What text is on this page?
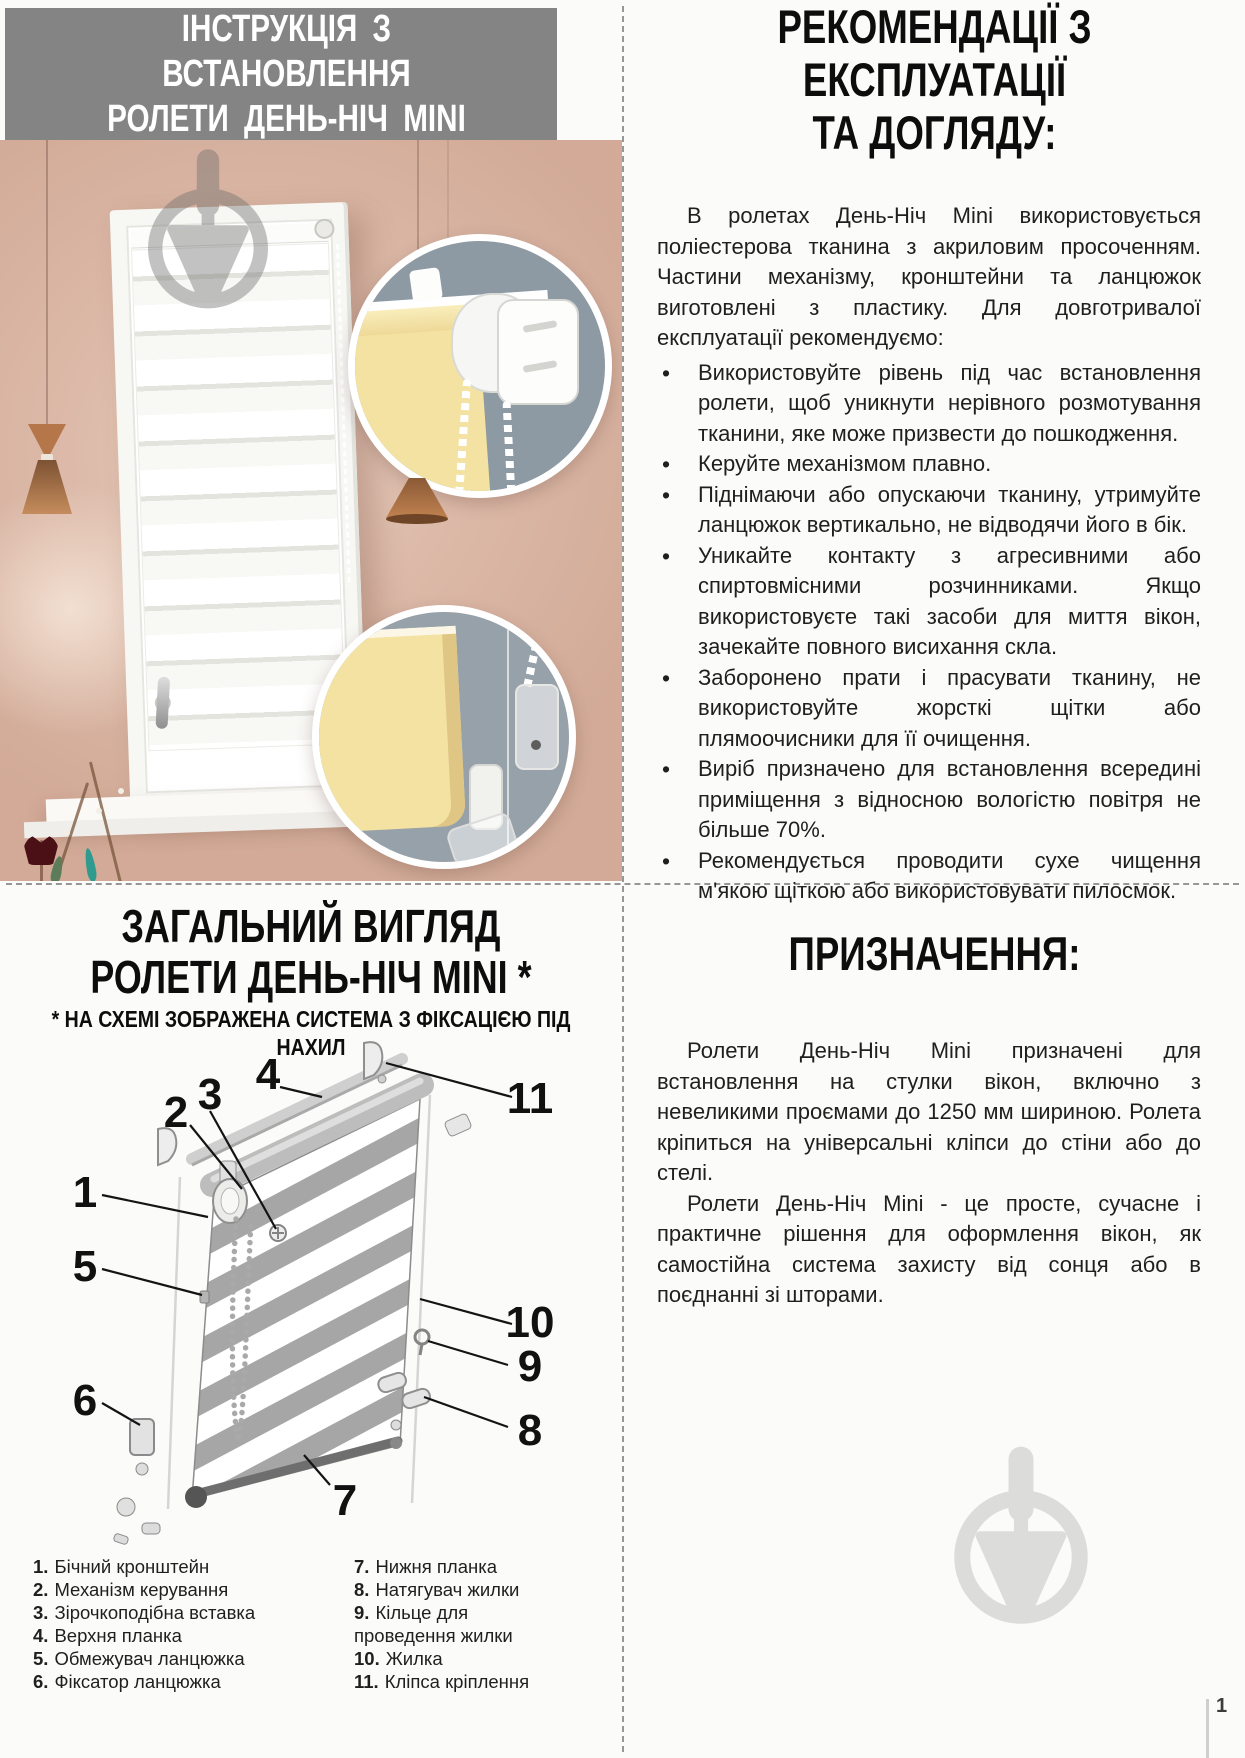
ІНСТРУКЦІЯ З ВСТАНОВЛЕННЯ
РОЛЕТИ ДЕНЬ-НІЧ MINI
РЕКОМЕНДАЦІЇ З ЕКСПЛУАТАЦІЇ
ТА ДОГЛЯДУ:

В ролетах День-Ніч Mini використовується поліестерова тканина з акриловим просоченням. Частини механізму, кронштейни та ланцюжок виготовлені з пластику. Для довготривалої експлуатації рекомендуємо:

•	Використовуйте рівень під час встановлення ролети, щоб уникнути нерівного розмотування тканини, яке може призвести до пошкодження.

•	Керуйте механізмом плавно.

•	Піднімаючи або опускаючи тканину, утримуйте ланцюжок вертикально, не відводячи його в бік.

•	Уникайте контакту з агресивними або спиртовмісними розчинниками. Якщо використовуєте такі засоби для миття вікон, зачекайте повного висихання скла.

•	Заборонено прати і прасувати тканину, не використовуйте жорсткі щітки або плямоочисники для її очищення.

•	Виріб призначено для встановлення всередині приміщення з відносною вологістю повітря не більше 70%.

•	Рекомендується проводити сухе чищення м'якою щіткою або використовувати пилосмок.

ЗАГАЛЬНИЙ ВИГЛЯД
РОЛЕТИ ДЕНЬ-НІЧ MINI *
* НА СХЕМІ ЗОБРАЖЕНА СИСТЕМА З ФІКСАЦІЄЮ ПІД НАХИЛ
1
2 3 4
5
6
7
8
9
10
11
1. Бічний кронштейн
2. Механізм керування
3. Зірочкоподібна вставка
4. Верхня планка
5. Обмежувач ланцюжка
6. Фіксатор ланцюжка
7. Нижня планка
8. Натягувач жилки
9. Кільце для проведення жилки
10. Жилка
11. Кліпса кріплення
ПРИЗНАЧЕННЯ:

Ролети День-Ніч Mini призначені для встановлення на стулки вікон, включно з невеликими проємами до 1250 мм шириною. Ролета кріпиться на універсальні кліпси до стіни або до стелі.

Ролети День-Ніч Mini - це просте, сучасне і практичне рішення для оформлення вікон, як самостійна система захисту від сонця або в поєднанні зі шторами.

1
